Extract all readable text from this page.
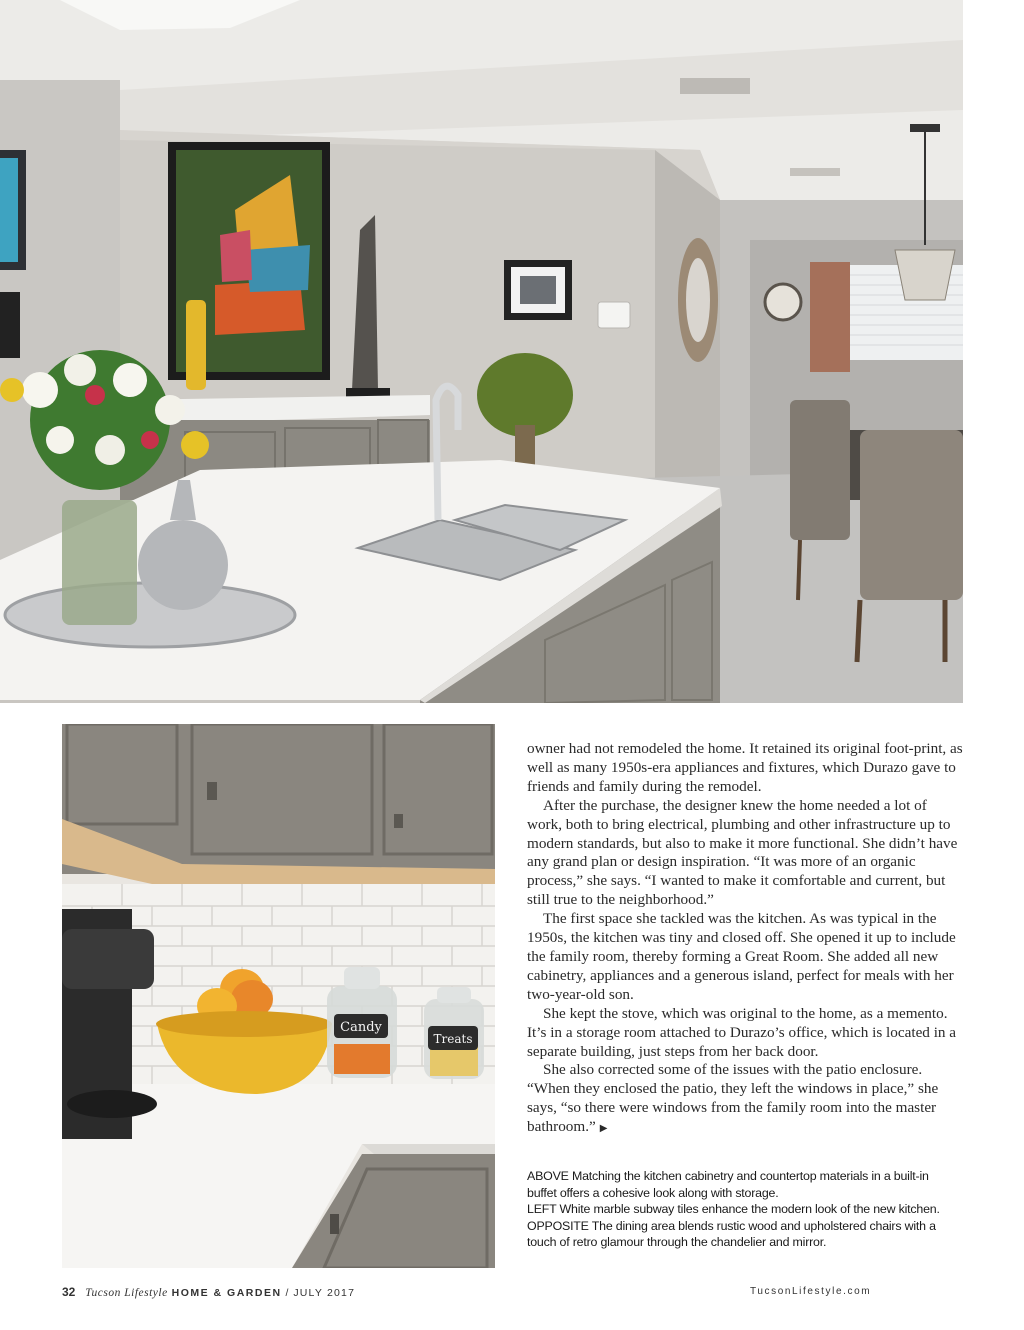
Candy
Treats

owner had not remodeled the home. It retained its original foot-print, as well as many 1950s-era appliances and fixtures, which Durazo gave to friends and family during the remodel.

After the purchase, the designer knew the home needed a lot of work, both to bring electrical, plumbing and other infrastructure up to modern standards, but also to make it more functional. She didn’t have any grand plan or design inspiration. “It was more of an organic process,” she says. “I wanted to make it comfortable and current, but still true to the neighborhood.”

The first space she tackled was the kitchen. As was typical in the 1950s, the kitchen was tiny and closed off. She opened it up to include the family room, thereby forming a Great Room. She added all new cabinetry, appliances and a generous island, perfect for meals with her two-year-old son.

She kept the stove, which was original to the home, as a memento. It’s in a storage room attached to Durazo’s office, which is located in a separate building, just steps from her back door.

She also corrected some of the issues with the patio enclosure. “When they enclosed the patio, they left the windows in place,” she says, “so there were windows from the family room into the master bathroom.” ▶

ABOVE Matching the kitchen cabinetry and countertop materials in a built-in buffet offers a cohesive look along with storage.

LEFT White marble subway tiles enhance the modern look of the new kitchen.

OPPOSITE The dining area blends rustic wood and upholstered chairs with a touch of retro glamour through the chandelier and mirror.

32 Tucson Lifestyle HOME & GARDEN / JULY 2017	TucsonLifestyle.com
